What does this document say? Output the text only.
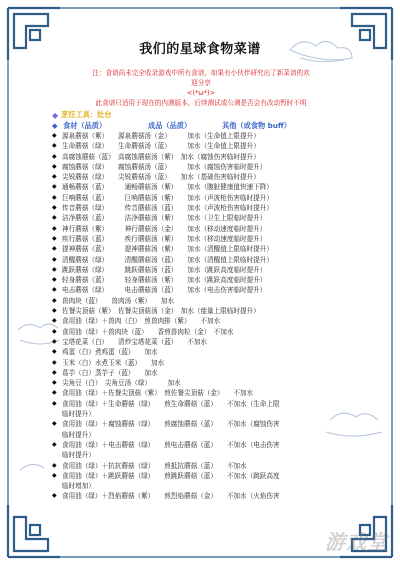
我们的星球食物菜谱
注：食谱尚未完全收录游戏中所有食谱，如果有小伙伴研究出了新菜谱的欢
迎分享
<(*ω*)>
此食谱只适用于现在的内测版本，后续测试或公测是否会有改动暂时不明
◆ 烹饪工具：灶台
◆ 食材（品质）	成品（品质）	其他（或食物 buff）
◆ 源泉蘑菇（紫）　　源泉蘑菇汤（金）　　　加水（生命值上限提升）
◆ 生命蘑菇（绿）　　生命蘑菇汤（蓝）　　　加水（生命值上限提升）
◆ 高腐蚀蘑菇（蓝）　高腐蚀蘑菇汤（紫）　加水（腐蚀伤害临时提升）
◆ 腐蚀蘑菇（绿）　　腐蚀蘑菇汤（蓝）　　　加水（腐蚀伤害临时提升）
◆ 尖锐蘑菇（绿）　　尖锐蘑菇汤（蓝）　　加水（基础伤害临时提升）
◆ 通畅蘑菇（蓝）　　　通畅蘑菇汤（紫）　　加水（腹脏健康值快速下降）
◆ 巨响蘑菇（蓝）　　　巨响蘑菇汤（紫）　　加水（声波枪伤害临时提升）
◆ 传音蘑菇（绿）　　　传音蘑菇汤（蓝）　　加水（声波枪伤害临时提升）
◆ 洁净蘑菇（蓝）　　　洁净蘑菇汤（紫）　　加水（卫生上限临时提升）
◆ 神行蘑菇（紫）　　　神行蘑菇汤（金）　　加水（移动速度临时提升）
◆ 疾行蘑菇（蓝）　　　疾行蘑菇汤（紫）　　加水（移动速度临时提升）
◆ 提神蘑菇（蓝）　　　提神蘑菇汤（紫）　　加水（清醒值上限临时提升）
◆ 清醒蘑菇（绿）　　　清醒蘑菇汤（蓝）　　加水（清醒值上限临时提升）
◆ 跳跃蘑菇（绿）　　　跳跃蘑菇汤（蓝）　　加水（跳跃高度临时提升）
◆ 轻身蘑菇（蓝）　　　轻身蘑菇汤（紫）　　加水（跳跃高度临时提升）
◆ 电击蘑菇（绿）　　　电击蘑菇汤（蓝）　　加水（电击伤害临时提升）
◆ 兽肉块（蓝）　　兽肉汤（紫）　　加水
◆ 佐餐尖顶菇（紫）　佐餐尖顶菇汤（金）　加水（能量上限临时提升）
◆ 食用油（绿）＋兽肉（白）　煎兽肉排（紫）　　不加水
◆ 食用油（绿）＋兽肉块（蓝）　　香煎兽肉粒（金）　不加水
◆ 宝塔花菜（白）　　清炒宝塔花菜（蓝）　　不加水
◆ 鸡蛋（白）煮鸡蛋（蓝）　　加水
◆ 玉米（白）水煮玉米（蓝）　　加水
◆ 葛芋（白）蒸芋子（蓝）　　加水
◆ 尖角豆（白）　尖角豆汤（绿）　　　加水
◆ 食用油（绿）＋佐餐尖顶菇（紫）　煎佐餐尖顶菇（金）　　不加水
◆ 食用油（绿）＋生命蘑菇（绿）　　煎生命蘑菇（蓝）　　不加水（生命上限
临时提升）
◆ 食用油（绿）＋腐蚀蘑菇（绿）　　煎腐蚀蘑菇（蓝）　　不加水（腐蚀伤害
临时提升）
◆ 食用油（绿）＋电击蘑菇（绿）　　煎电击蘑菇（蓝）　　不加水（电击伤害
临时提升）
◆ 食用油（绿）＋抗抗蘑菇（绿）　　煎抵抗蘑菇（蓝）　　不加水
◆ 食用油（绿）＋跳跃蘑菇（绿）　　煎跳跃蘑菇（蓝）　　不加水（跳跃高度
临时增加）
◆ 食用油（绿）＋烈焰蘑菇（紫）　　煎烈焰蘑菇（金）　　不加水（火焰伤害
游戏堂
